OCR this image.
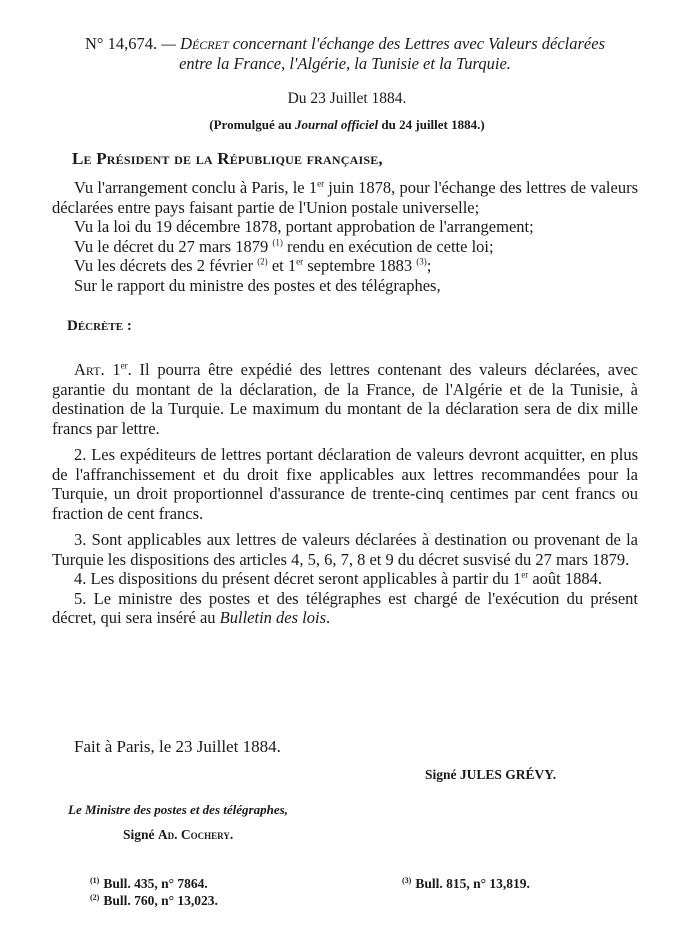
N° 14,674. — Décret concernant l'échange des Lettres avec Valeurs déclarées
entre la France, l'Algérie, la Tunisie et la Turquie.
Du 23 Juillet 1884.
(Promulgué au Journal officiel du 24 juillet 1884.)
Le Président de la République française,

Vu l'arrangement conclu à Paris, le 1er juin 1878, pour l'échange des lettres de valeurs déclarées entre pays faisant partie de l'Union postale universelle;

Vu la loi du 19 décembre 1878, portant approbation de l'arrangement;

Vu le décret du 27 mars 1879 $^{(1)}$ rendu en exécution de cette loi;

Vu les décrets des 2 février $^{(2)}$ et 1er septembre 1883 $^{(3)}$;

Sur le rapport du ministre des postes et des télégraphes,

Décrète :

Art. 1er. Il pourra être expédié des lettres contenant des valeurs déclarées, avec garantie du montant de la déclaration, de la France, de l'Algérie et de la Tunisie, à destination de la Turquie. Le maximum du montant de la déclaration sera de dix mille francs par lettre.

2. Les expéditeurs de lettres portant déclaration de valeurs devront acquitter, en plus de l'affranchissement et du droit fixe applicables aux lettres recommandées pour la Turquie, un droit proportionnel d'assurance de trente-cinq centimes par cent francs ou fraction de cent francs.

3. Sont applicables aux lettres de valeurs déclarées à destination ou provenant de la Turquie les dispositions des articles 4, 5, 6, 7, 8 et 9 du décret susvisé du 27 mars 1879.

4. Les dispositions du présent décret seront applicables à partir du 1er août 1884.

5. Le ministre des postes et des télégraphes est chargé de l'exécution du présent décret, qui sera inséré au Bulletin des lois.

Fait à Paris, le 23 Juillet 1884.
Signé JULES GRÉVY.
Le Ministre des postes et des télégraphes,
Signé Ad. Cochery.
$^{(1)}$ Bull. 435, n° 7864.
$^{(2)}$ Bull. 760, n° 13,023.
$^{(3)}$ Bull. 815, n° 13,819.
